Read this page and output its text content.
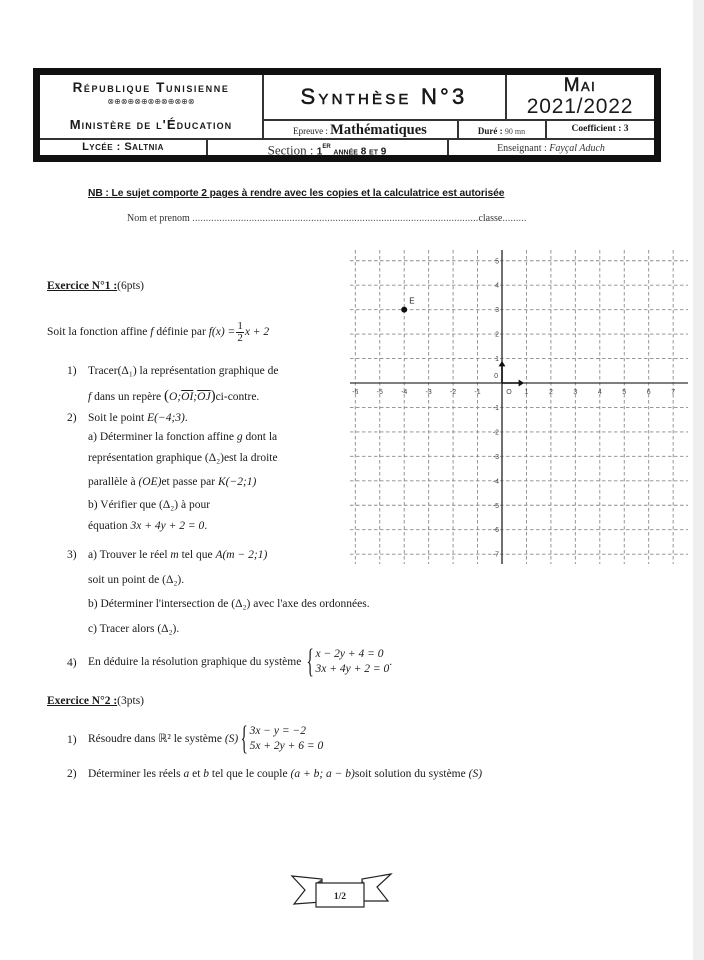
République Tunisienne
⊗⊕⊗⊕⊗⊕⊗⊕⊗⊕⊗⊕⊗
Ministère de l'Éducation
Synthèse N°3	Mai
2021/2022
Epreuve : Mathématiques	Duré : 90 mn	Coefficient : 3
Lycée : Saltnia	Section : 1ER année 8 et 9	Enseignant : Fayçal Aduch
NB : Le sujet comporte 2 pages à rendre avec les copies et la calculatrice est autorisée
Nom et prenom ..........................................................................................................classe.........
Exercice N°1 :(6pts)
Soit la fonction affine f définie par $f(x) = \frac{1}{2}$ x + 2
1) Tracer(Δ₁) la représentation graphique de
f dans un repère $(O;\overline{OI};\overline{OJ})ci$-contre.
2) Soit le point E(−4;3).
a) Déterminer la fonction affine g dont la
représentation graphique (Δ₂)est la droite
parallèle à (OE)et passe par K(−2;1)
b) Vérifier que (Δ₂) à pour
équation 3x + 4y + 2 = 0.
3) a) Trouver le réel m tel que A(m − 2;1)
soit un point de (Δ₂).
b) Déterminer l'intersection de (Δ₂) avec l'axe des ordonnées.
c) Tracer alors (Δ₂).
4) En déduire la résolution graphique du système { x − 2y + 4 = 0
3x + 4y + 2 = 0
.
-6	-5	-4	-3	-2	-1	1	2	3	4	5	6	7
-7
-6
-5
-4
-3
-2
-1
1
2
3
4
5
0
O
E
Exercice N°2 :(3pts)
1) Résoudre dans ℝ² le système (S) { 3x − y = −2
5x + 2y + 6 = 0
2) Déterminer les réels a et b tel que le couple (a + b; a − b)soit solution du système (S)
1/2
